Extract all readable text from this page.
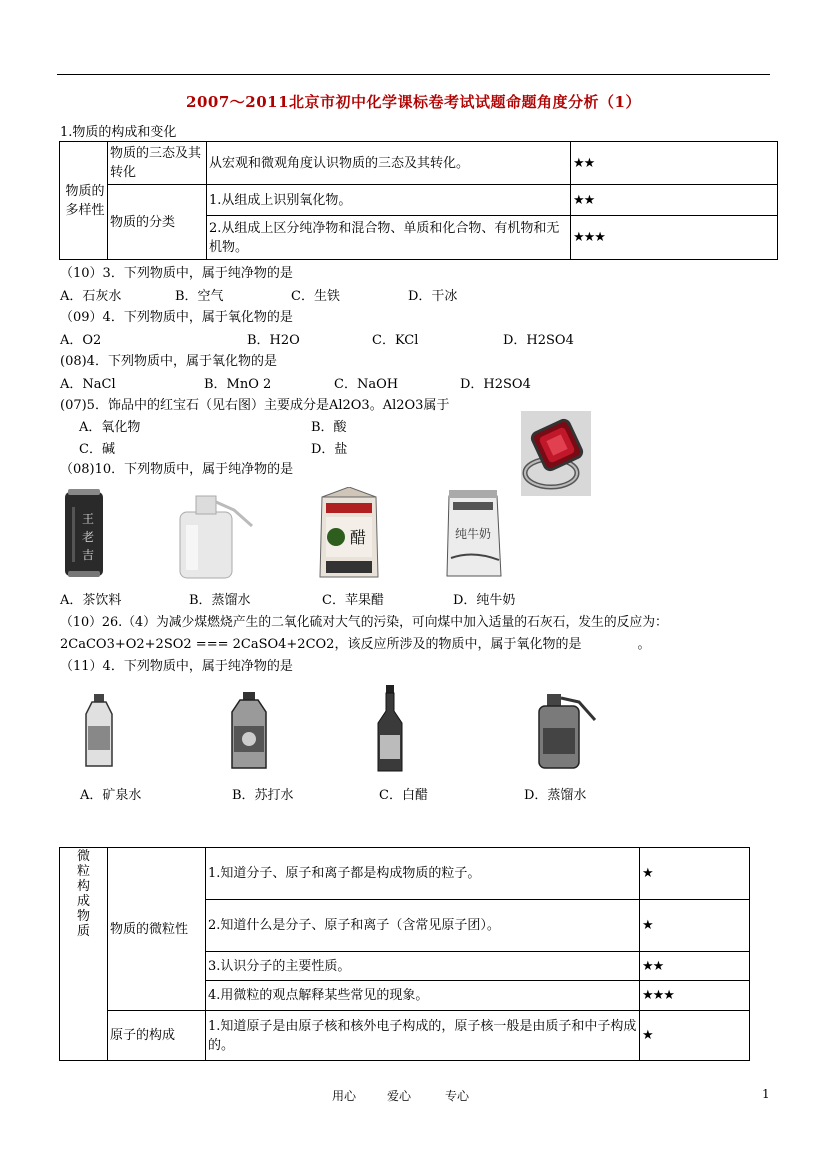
2007～2011北京市初中化学课标卷考试试题命题角度分析（1）
1.物质的构成和变化
物质的多样性	物质的三态及其转化	从宏观和微观角度认识物质的三态及其转化。	★★
	物质的分类	1.从组成上识别氧化物。	★★
		2.从组成上区分纯净物和混合物、单质和化合物、有机物和无机物。	★★★
（10）3．下列物质中，属于纯净物的是
A．石灰水	B．空气	C．生铁	D．干冰
（09）4．下列物质中，属于氧化物的是
A．O2	B．H2O	C．KCl	D．H2SO4
(08)4．下列物质中，属于氧化物的是
A．NaCl	B．MnO 2	C．NaOH	D．H2SO4
(07)5．饰品中的红宝石（见右图）主要成分是Al2O3。Al2O3属于
A．氧化物	B．酸
C．碱	D．盐
（08)10．下列物质中，属于纯净物的是
王
老
吉
醋	纯牛奶
A．茶饮料	B．蒸馏水	C．苹果醋	D．纯牛奶
（10）26.（4）为减少煤燃烧产生的二氧化硫对大气的污染，可向煤中加入适量的石灰石，发生的反应为：
2CaCO3+O2+2SO2 === 2CaSO4+2CO2，该反应所涉及的物质中，属于氧化物的是	。
（11）4．下列物质中，属于纯净物的是
A．矿泉水	B．苏打水	C．白醋	D．蒸馏水
微粒构成物质	物质的微粒性	1.知道分子、原子和离子都是构成物质的粒子。	★
		2.知道什么是分子、原子和离子（含常见原子团）。	★
		3.认识分子的主要性质。	★★
		4.用微粒的观点解释某些常见的现象。	★★★
	原子的构成	1.知道原子是由原子核和核外电子构成的，原子核一般是由质子和中子构成的。	★
用心	爱心	专心	1
